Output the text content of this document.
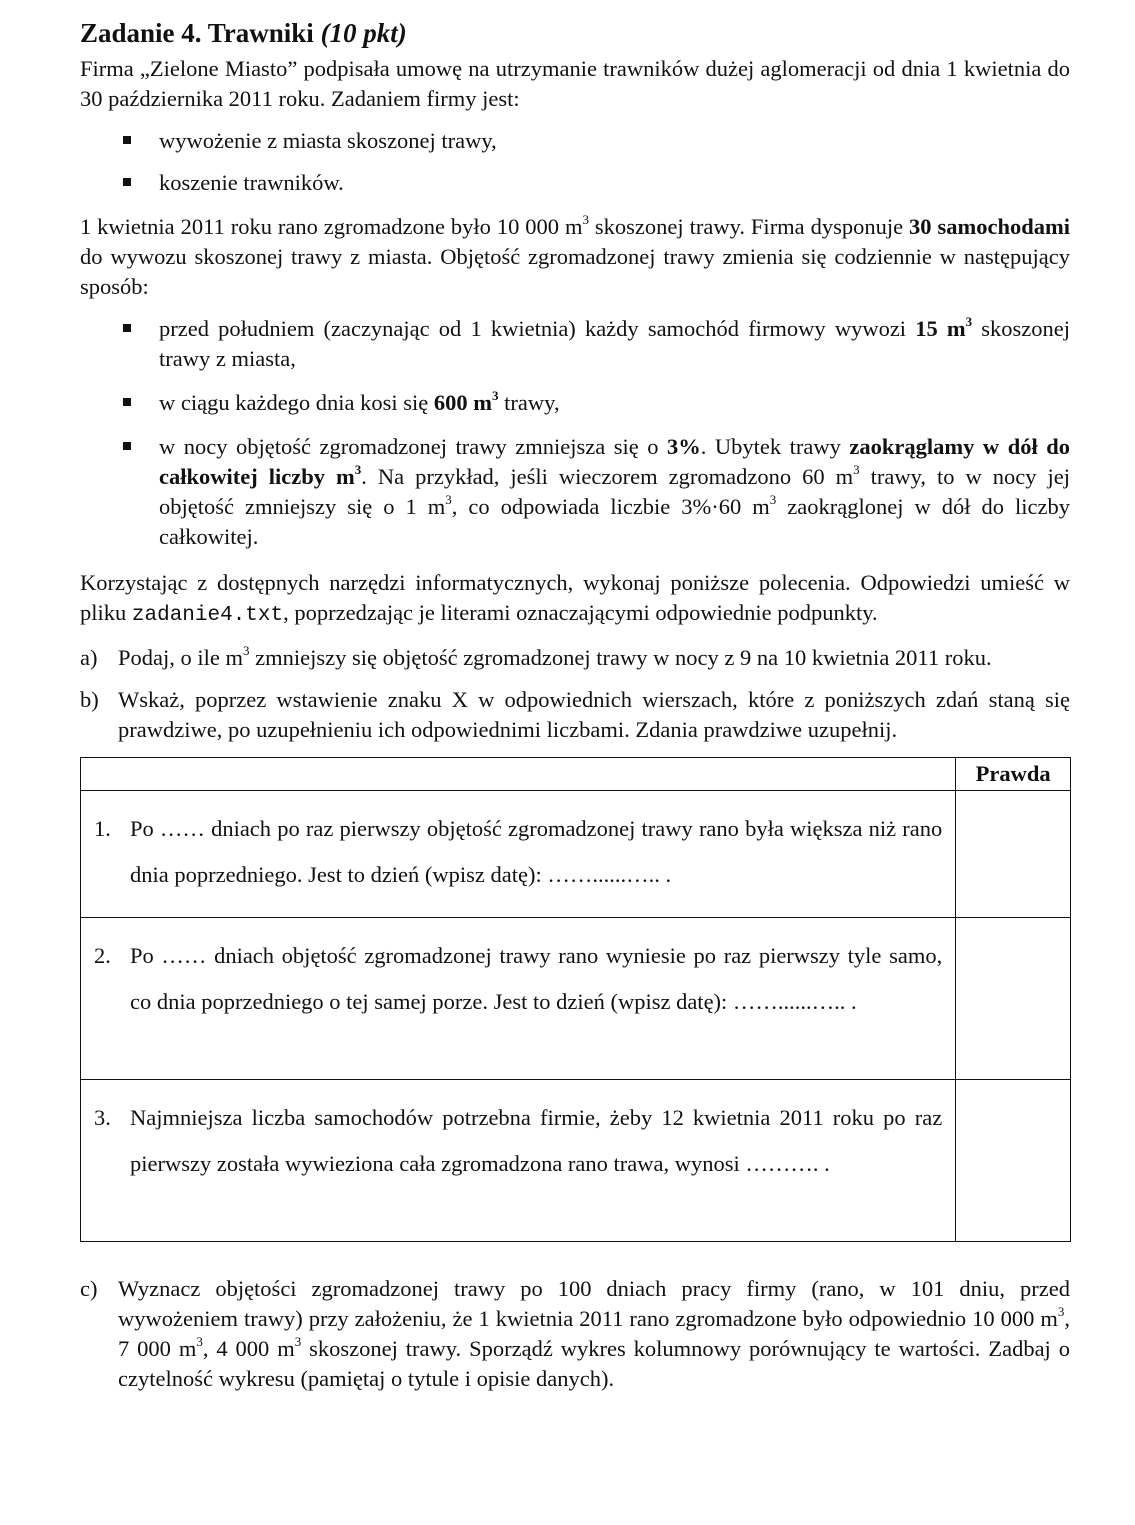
Zadanie 4. Trawniki (10 pkt)

Firma „Zielone Miasto” podpisała umowę na utrzymanie trawników dużej aglomeracji od dnia 1 kwietnia do 30 października 2011 roku. Zadaniem firmy jest:

wywożenie z miasta skoszonej trawy,
koszenie trawników.

1 kwietnia 2011 roku rano zgromadzone było 10 000 $m^3$ skoszonej trawy. Firma dysponuje 30 samochodami do wywozu skoszonej trawy z miasta. Objętość zgromadzonej trawy zmienia się codziennie w następujący sposób:

przed południem (zaczynając od 1 kwietnia) każdy samochód firmowy wywozi 15 $m^3$ skoszonej trawy z miasta,
w ciągu każdego dnia kosi się 600 $m^3$ trawy,
w nocy objętość zgromadzonej trawy zmniejsza się o 3%. Ubytek trawy zaokrąglamy w dół do całkowitej liczby $m^3$. Na przykład, jeśli wieczorem zgromadzono 60 $m^3$ trawy, to w nocy jej objętość zmniejszy się o 1 $m^3$, co odpowiada liczbie 3%·60 $m^3$ zaokrąglonej w dół do liczby całkowitej.

Korzystając z dostępnych narzędzi informatycznych, wykonaj poniższe polecenia. Odpowiedzi umieść w pliku zadanie4.txt, poprzedzając je literami oznaczającymi odpowiednie podpunkty.

a) Podaj, o ile $m^3$ zmniejszy się objętość zgromadzonej trawy w nocy z 9 na 10 kwietnia 2011 roku.
b) Wskaż, poprzez wstawienie znaku X w odpowiednich wierszach, które z poniższych zdań staną się prawdziwe, po uzupełnieniu ich odpowiednimi liczbami. Zdania prawdziwe uzupełnij.
	Prawda

1. Po …… dniach po raz pierwszy objętość zgromadzonej trawy rano była większa niż rano dnia poprzedniego. Jest to dzień (wpisz datę): ……......….. .	

2. Po …… dniach objętość zgromadzonej trawy rano wyniesie po raz pierwszy tyle samo, co dnia poprzedniego o tej samej porze. Jest to dzień (wpisz datę): ……......….. .	

3. Najmniejsza liczba samochodów potrzebna firmie, żeby 12 kwietnia 2011 roku po raz pierwszy została wywieziona cała zgromadzona rano trawa, wynosi ………. .	

c) Wyznacz objętości zgromadzonej trawy po 100 dniach pracy firmy (rano, w 101 dniu, przed wywożeniem trawy) przy założeniu, że 1 kwietnia 2011 rano zgromadzone było odpowiednio 10 000 $m^3$, 7 000 $m^3$, 4 000 $m^3$ skoszonej trawy. Sporządź wykres kolumnowy porównujący te wartości. Zadbaj o czytelność wykresu (pamiętaj o tytule i opisie danych).
